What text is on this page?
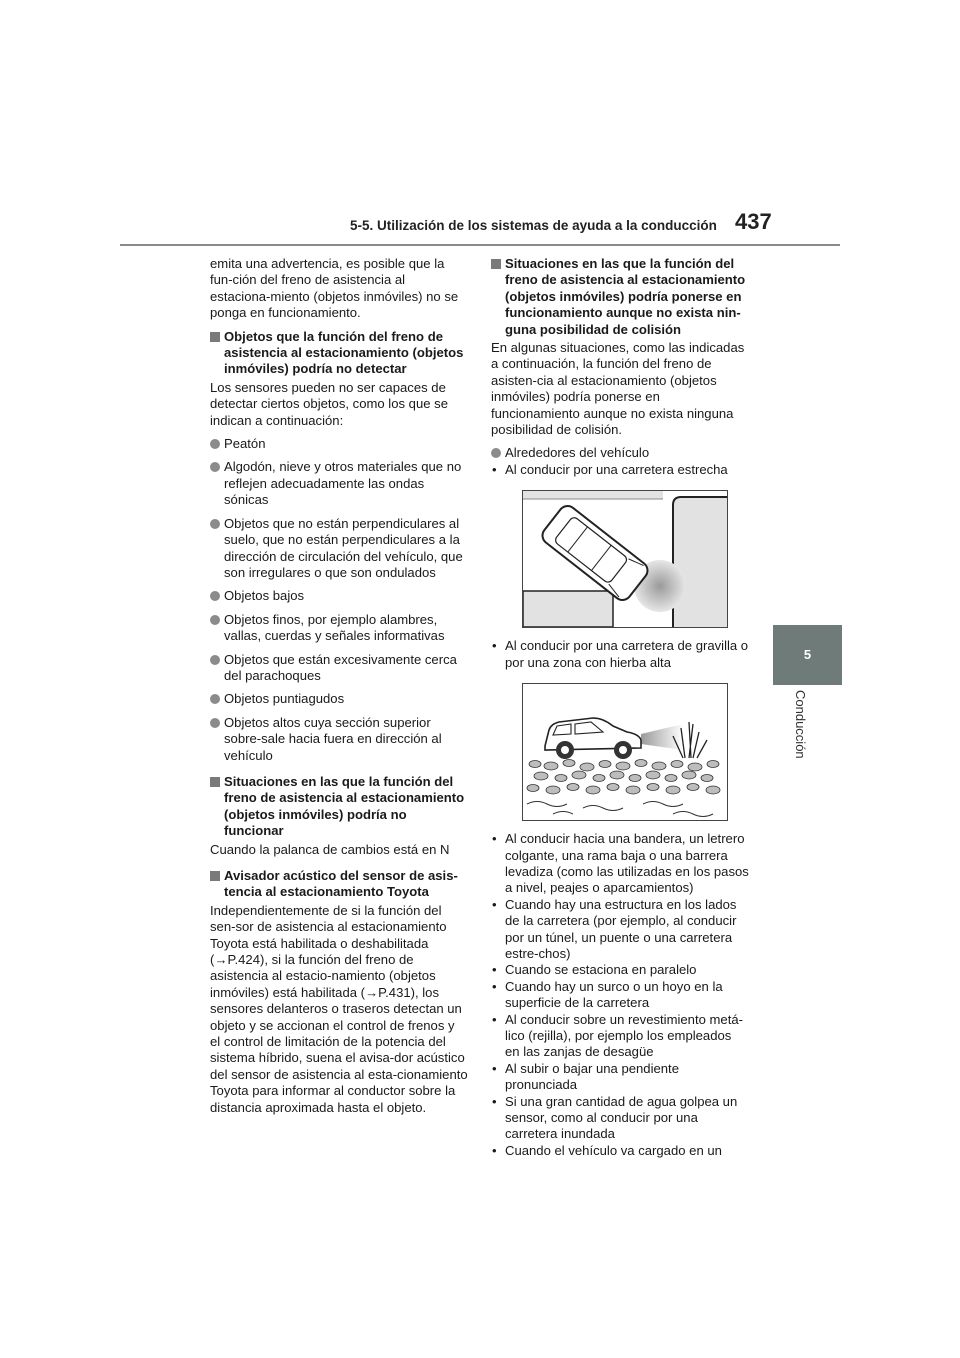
5-5. Utilización de los sistemas de ayuda a la conducción 437
5
Conducción

emita una advertencia, es posible que la fun-ción del freno de asistencia al estaciona-miento (objetos inmóviles) no se ponga en funcionamiento.

Objetos que la función del freno de asistencia al estacionamiento (objetos inmóviles) podría no detectar

Los sensores pueden no ser capaces de detectar ciertos objetos, como los que se indican a continuación:

Peatón
Algodón, nieve y otros materiales que no reflejen adecuadamente las ondas sónicas
Objetos que no están perpendiculares al suelo, que no están perpendiculares a la dirección de circulación del vehículo, que son irregulares o que son ondulados
Objetos bajos
Objetos finos, por ejemplo alambres, vallas, cuerdas y señales informativas
Objetos que están excesivamente cerca del parachoques
Objetos puntiagudos
Objetos altos cuya sección superior sobre-sale hacia fuera en dirección al vehículo
Situaciones en las que la función del freno de asistencia al estacionamiento (objetos inmóviles) podría no funcionar

Cuando la palanca de cambios está en N

Avisador acústico del sensor de asis-tencia al estacionamiento Toyota

Independientemente de si la función del sen-sor de asistencia al estacionamiento Toyota está habilitada o deshabilitada (→P.424), si la función del freno de asistencia al estacio-namiento (objetos inmóviles) está habilitada (→P.431), los sensores delanteros o traseros detectan un objeto y se accionan el control de frenos y el control de limitación de la potencia del sistema híbrido, suena el avisa-dor acústico del sensor de asistencia al esta-cionamiento Toyota para informar al conductor sobre la distancia aproximada hasta el objeto.

Situaciones en las que la función del freno de asistencia al estacionamiento (objetos inmóviles) podría ponerse en funcionamiento aunque no exista nin-guna posibilidad de colisión

En algunas situaciones, como las indicadas a continuación, la función del freno de asisten-cia al estacionamiento (objetos inmóviles) podría ponerse en funcionamiento aunque no exista ninguna posibilidad de colisión.

Alrededores del vehículo
• Al conducir por una carretera estrecha
• Al conducir por una carretera de gravilla o por una zona con hierba alta
• Al conducir hacia una bandera, un letrero colgante, una rama baja o una barrera levadiza (como las utilizadas en los pasos a nivel, peajes o aparcamientos)
• Cuando hay una estructura en los lados de la carretera (por ejemplo, al conducir por un túnel, un puente o una carretera estre-chos)
• Cuando se estaciona en paralelo
• Cuando hay un surco o un hoyo en la superficie de la carretera
• Al conducir sobre un revestimiento metá-lico (rejilla), por ejemplo los empleados en las zanjas de desagüe
• Al subir o bajar una pendiente pronunciada
• Si una gran cantidad de agua golpea un sensor, como al conducir por una carretera inundada
• Cuando el vehículo va cargado en un
